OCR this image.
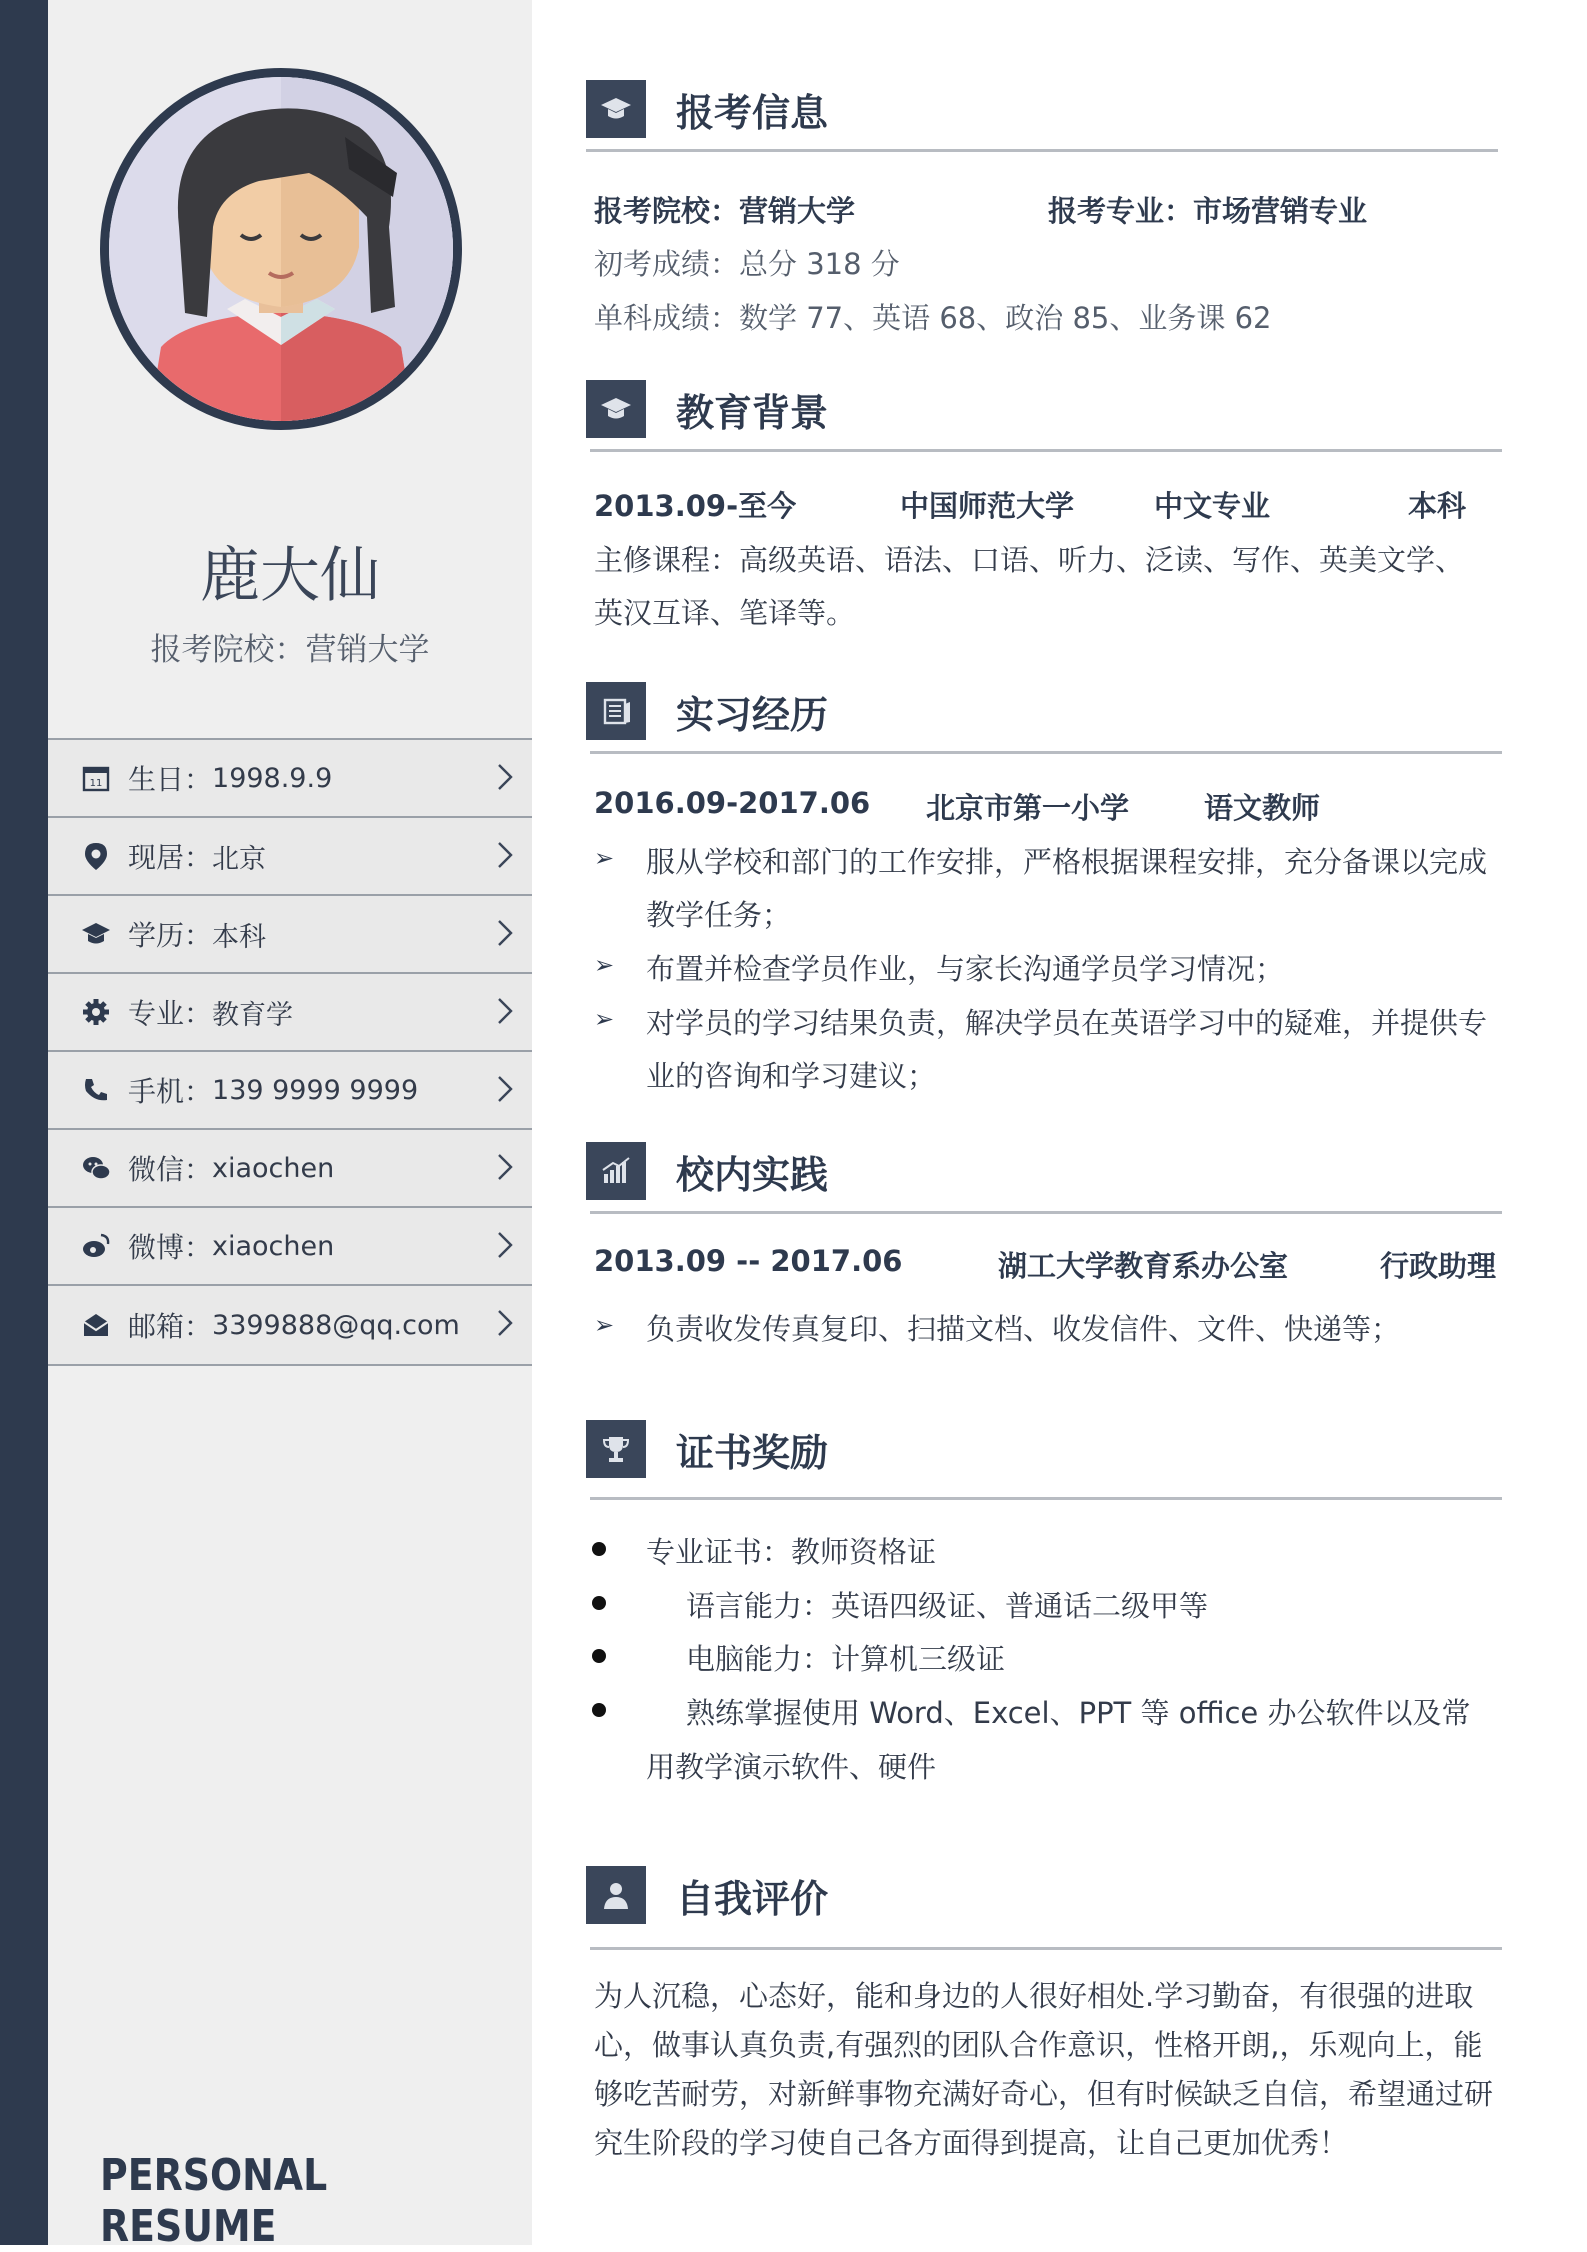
鹿大仙
报考院校：营销大学
11 生日： 1998.9.9
现居： 北京
学历： 本科
专业： 教育学
手机： 139 9999 9999
微信： xiaochen
微博： xiaochen
邮箱： 3399888@qq.com
PERSONAL RESUME
报考信息
报考院校：营销大学	报考专业：市场营销专业
初考成绩：总分 318 分
单科成绩：数学 77、英语 68、政治 85、业务课 62
教育背景
2013.09-至今	中国师范大学	中文专业	本科
主修课程：高级英语、语法、口语、听力、泛读、写作、英美文学、
英汉互译、笔译等。
实习经历
2016.09-2017.06 北京市第一小学	语文教师
➢ 服从学校和部门的工作安排，严格根据课程安排，充分备课以完成
教学任务；
➢ 布置并检查学员作业，与家长沟通学员学习情况；
➢ 对学员的学习结果负责，解决学员在英语学习中的疑难，并提供专
业的咨询和学习建议；
校内实践
2013.09 -- 2017.06	湖工大学教育系办公室	行政助理
➢ 负责收发传真复印、扫描文档、收发信件、文件、快递等；
证书奖励
专业证书：教师资格证
语言能力：英语四级证、普通话二级甲等
电脑能力：计算机三级证
熟练掌握使用 Word、Excel、PPT 等 office 办公软件以及常
用教学演示软件、硬件
自我评价
为人沉稳，心态好，能和身边的人很好相处.学习勤奋，有很强的进取心，做事认真负责,有强烈的团队合作意识，性格开朗,，乐观向上，能够吃苦耐劳，对新鲜事物充满好奇心，但有时候缺乏自信，希望通过研究生阶段的学习使自己各方面得到提高，让自己更加优秀！
